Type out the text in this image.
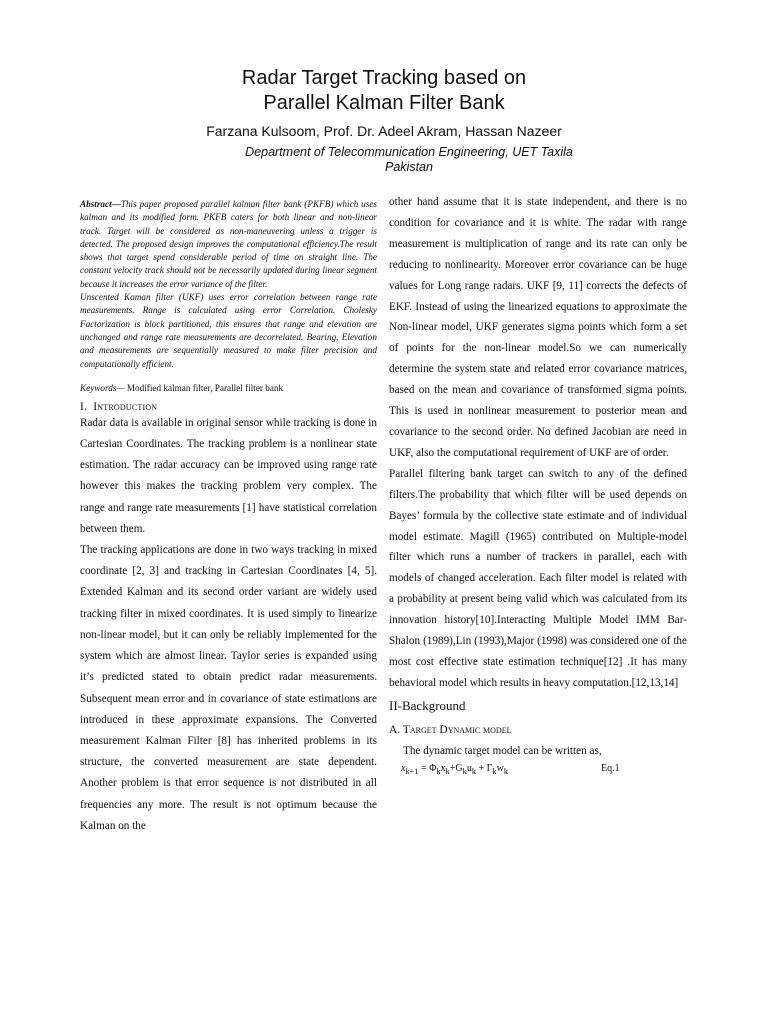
Radar Target Tracking based on
Parallel Kalman Filter Bank
Farzana Kulsoom, Prof. Dr. Adeel Akram, Hassan Nazeer
Department of Telecommunication Engineering, UET Taxila
Pakistan

Abstract—This paper proposed parallel kalman filter bank (PKFB) which uses kalman and its modified form. PKFB caters for both linear and non-linear track. Target will be considered as non-maneuvering unless a trigger is detected. The proposed design improves the computational efficiency.The result shows that target spend considerable period of time on straight line. The constant velocity track should not be necessarily updated during linear segment because it increases the error variance of the filter.

Unscented Kaman filter (UKF) uses error correlation between range rate measurements. Range is calculated using error Correlation. Cholesky Factorization is block partitioned, this ensures that range and elevation are unchanged and range rate measurements are decorrelated. Bearing, Elevation and measurements are sequentially measured to make filter precision and computationally efficient.

Keywords— Modified kalman filter, Parallel filter bank
I. Introduction

Radar data is available in original sensor while tracking is done in Cartesian Coordinates. The tracking problem is a nonlinear state estimation. The radar accuracy can be improved using range rate however this makes the tracking problem very complex. The range and range rate measurements [1] have statistical correlation between them.

The tracking applications are done in two ways tracking in mixed coordinate [2, 3] and tracking in Cartesian Coordinates [4, 5]. Extended Kalman and its second order variant are widely used tracking filter in mixed coordinates. It is used simply to linearize non-linear model, but it can only be reliably implemented for the system which are almost linear. Taylor series is expanded using it’s predicted stated to obtain predict radar measurements. Subsequent mean error and in covariance of state estimations are introduced in these approximate expansions. The Converted measurement Kalman Filter [8] has inherited problems in its structure, the converted measurement are state dependent. Another problem is that error sequence is not distributed in all frequencies any more. The result is not optimum because the Kalman on the

other hand assume that it is state independent, and there is no condition for covariance and it is white. The radar with range measurement is multiplication of range and its rate can only be reducing to nonlinearity. Moreover error covariance can be huge values for Long range radars. UKF [9, 11] corrects the defects of EKF. Instead of using the linearized equations to approximate the Non-linear model, UKF generates sigma points which form a set of points for the non-linear model.So we can numerically determine the system state and related error covariance matrices, based on the mean and covariance of transformed sigma points. This is used in nonlinear measurement to posterior mean and covariance to the second order. No defined Jacobian are need in UKF, also the computational requirement of UKF are of order.

Parallel filtering bank target can switch to any of the defined filters.The probability that which filter will be used depends on Bayes’ formula by the collective state estimate and of individual model estimate. Magill (1965) contributed on Multiple-model filter which runs a number of trackers in parallel, each with models of changed acceleration. Each filter model is related with a probability at present being valid which was calculated from its innovation history[10].Interacting Multiple Model IMM Bar-Shalon (1989),Lin (1993),Major (1998) was considered one of the most cost effective state estimation technique[12] .It has many behavioral model which results in heavy computation.[12,13,14]

II-Background
A. Target Dynamic model
The dynamic target model can be written as,
$x_{k+1} = \Phi_kx_k+G_ku_k + \Gamma_kw_k$	Eq.1
